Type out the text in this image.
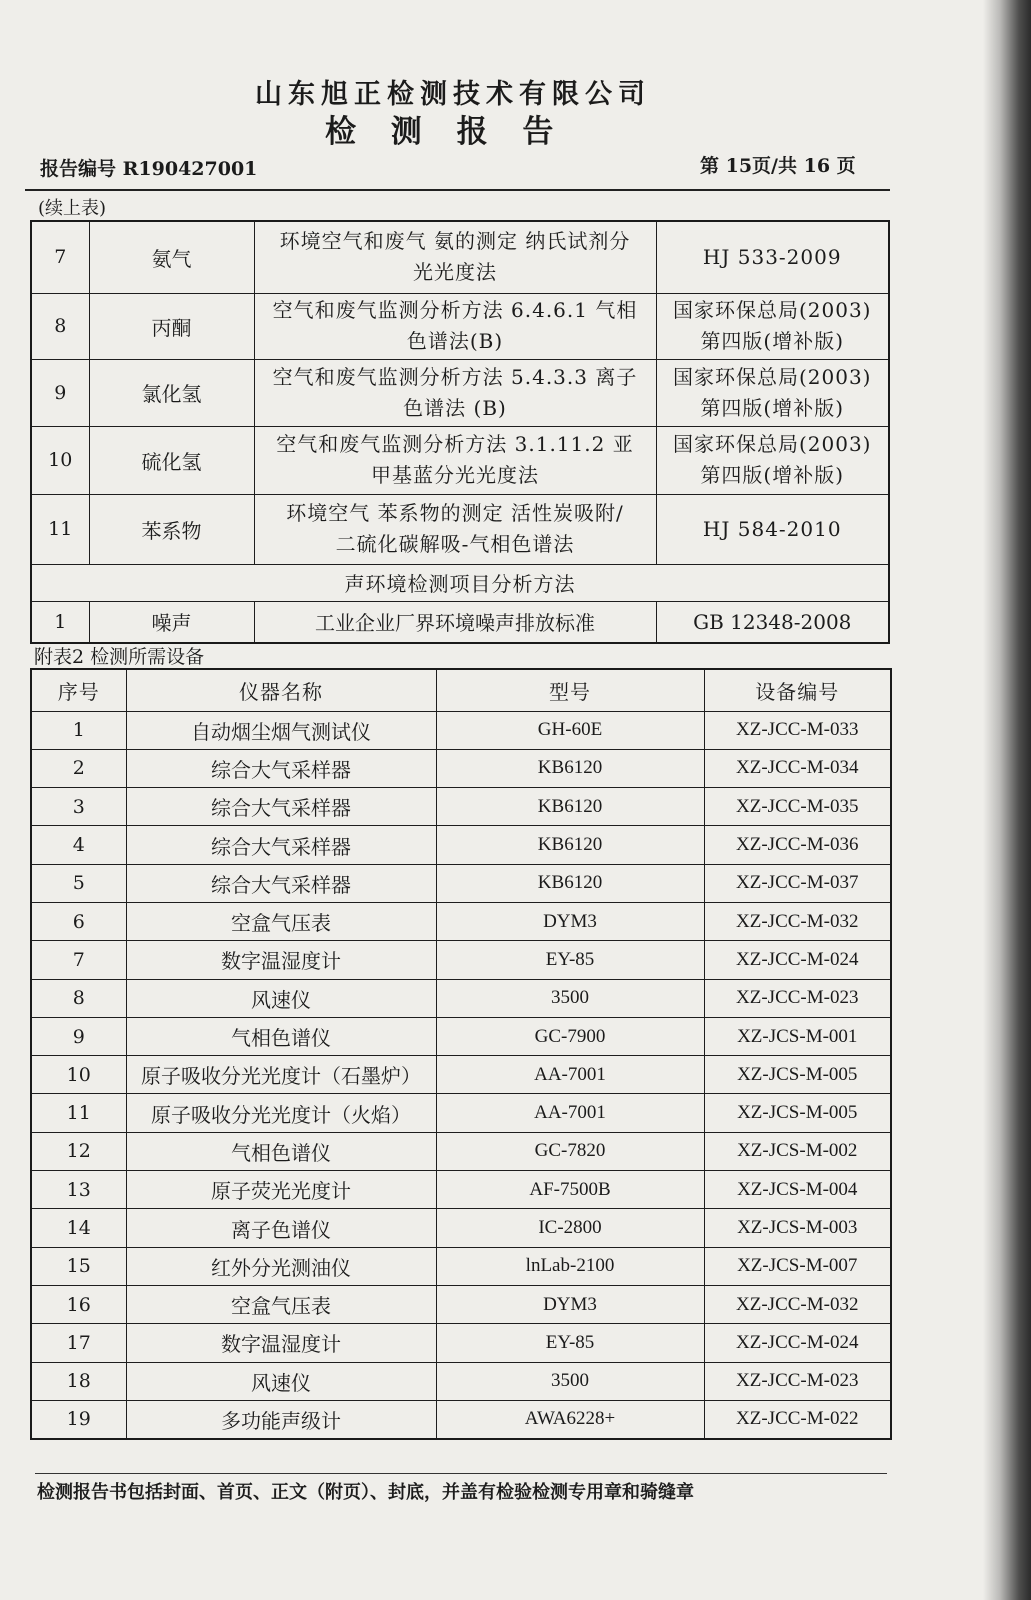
山东旭正检测技术有限公司
检 测 报 告
报告编号 R190427001	第 15页/共 16 页
(续上表)
7	氨气	环境空气和废气 氨的测定 纳氏试剂分
光光度法	HJ 533-2009

8	丙酮	空气和废气监测分析方法 6.4.6.1 气相
色谱法(B)	国家环保总局(2003)
第四版(增补版)

9	氯化氢	空气和废气监测分析方法 5.4.3.3 离子
色谱法 (B)	国家环保总局(2003)
第四版(增补版)

10	硫化氢	空气和废气监测分析方法 3.1.11.2 亚
甲基蓝分光光度法	国家环保总局(2003)
第四版(增补版)

11	苯系物	环境空气 苯系物的测定 活性炭吸附/
二硫化碳解吸-气相色谱法	HJ 584-2010

声环境检测项目分析方法			
1	噪声	工业企业厂界环境噪声排放标准	GB 12348-2008
附表2 检测所需设备
序号	仪器名称	型号	设备编号
1	自动烟尘烟气测试仪	GH-60E	XZ-JCC-M-033
2	综合大气采样器	KB6120	XZ-JCC-M-034
3	综合大气采样器	KB6120	XZ-JCC-M-035
4	综合大气采样器	KB6120	XZ-JCC-M-036
5	综合大气采样器	KB6120	XZ-JCC-M-037
6	空盒气压表	DYM3	XZ-JCC-M-032
7	数字温湿度计	EY-85	XZ-JCC-M-024
8	风速仪	3500	XZ-JCC-M-023
9	气相色谱仪	GC-7900	XZ-JCS-M-001
10	原子吸收分光光度计（石墨炉）	AA-7001	XZ-JCS-M-005
11	原子吸收分光光度计（火焰）	AA-7001	XZ-JCS-M-005
12	气相色谱仪	GC-7820	XZ-JCS-M-002
13	原子荧光光度计	AF-7500B	XZ-JCS-M-004
14	离子色谱仪	IC-2800	XZ-JCS-M-003
15	红外分光测油仪	lnLab-2100	XZ-JCS-M-007
16	空盒气压表	DYM3	XZ-JCC-M-032
17	数字温湿度计	EY-85	XZ-JCC-M-024
18	风速仪	3500	XZ-JCC-M-023
19	多功能声级计	AWA6228+	XZ-JCC-M-022
检测报告书包括封面、首页、正文（附页）、封底，并盖有检验检测专用章和骑缝章
